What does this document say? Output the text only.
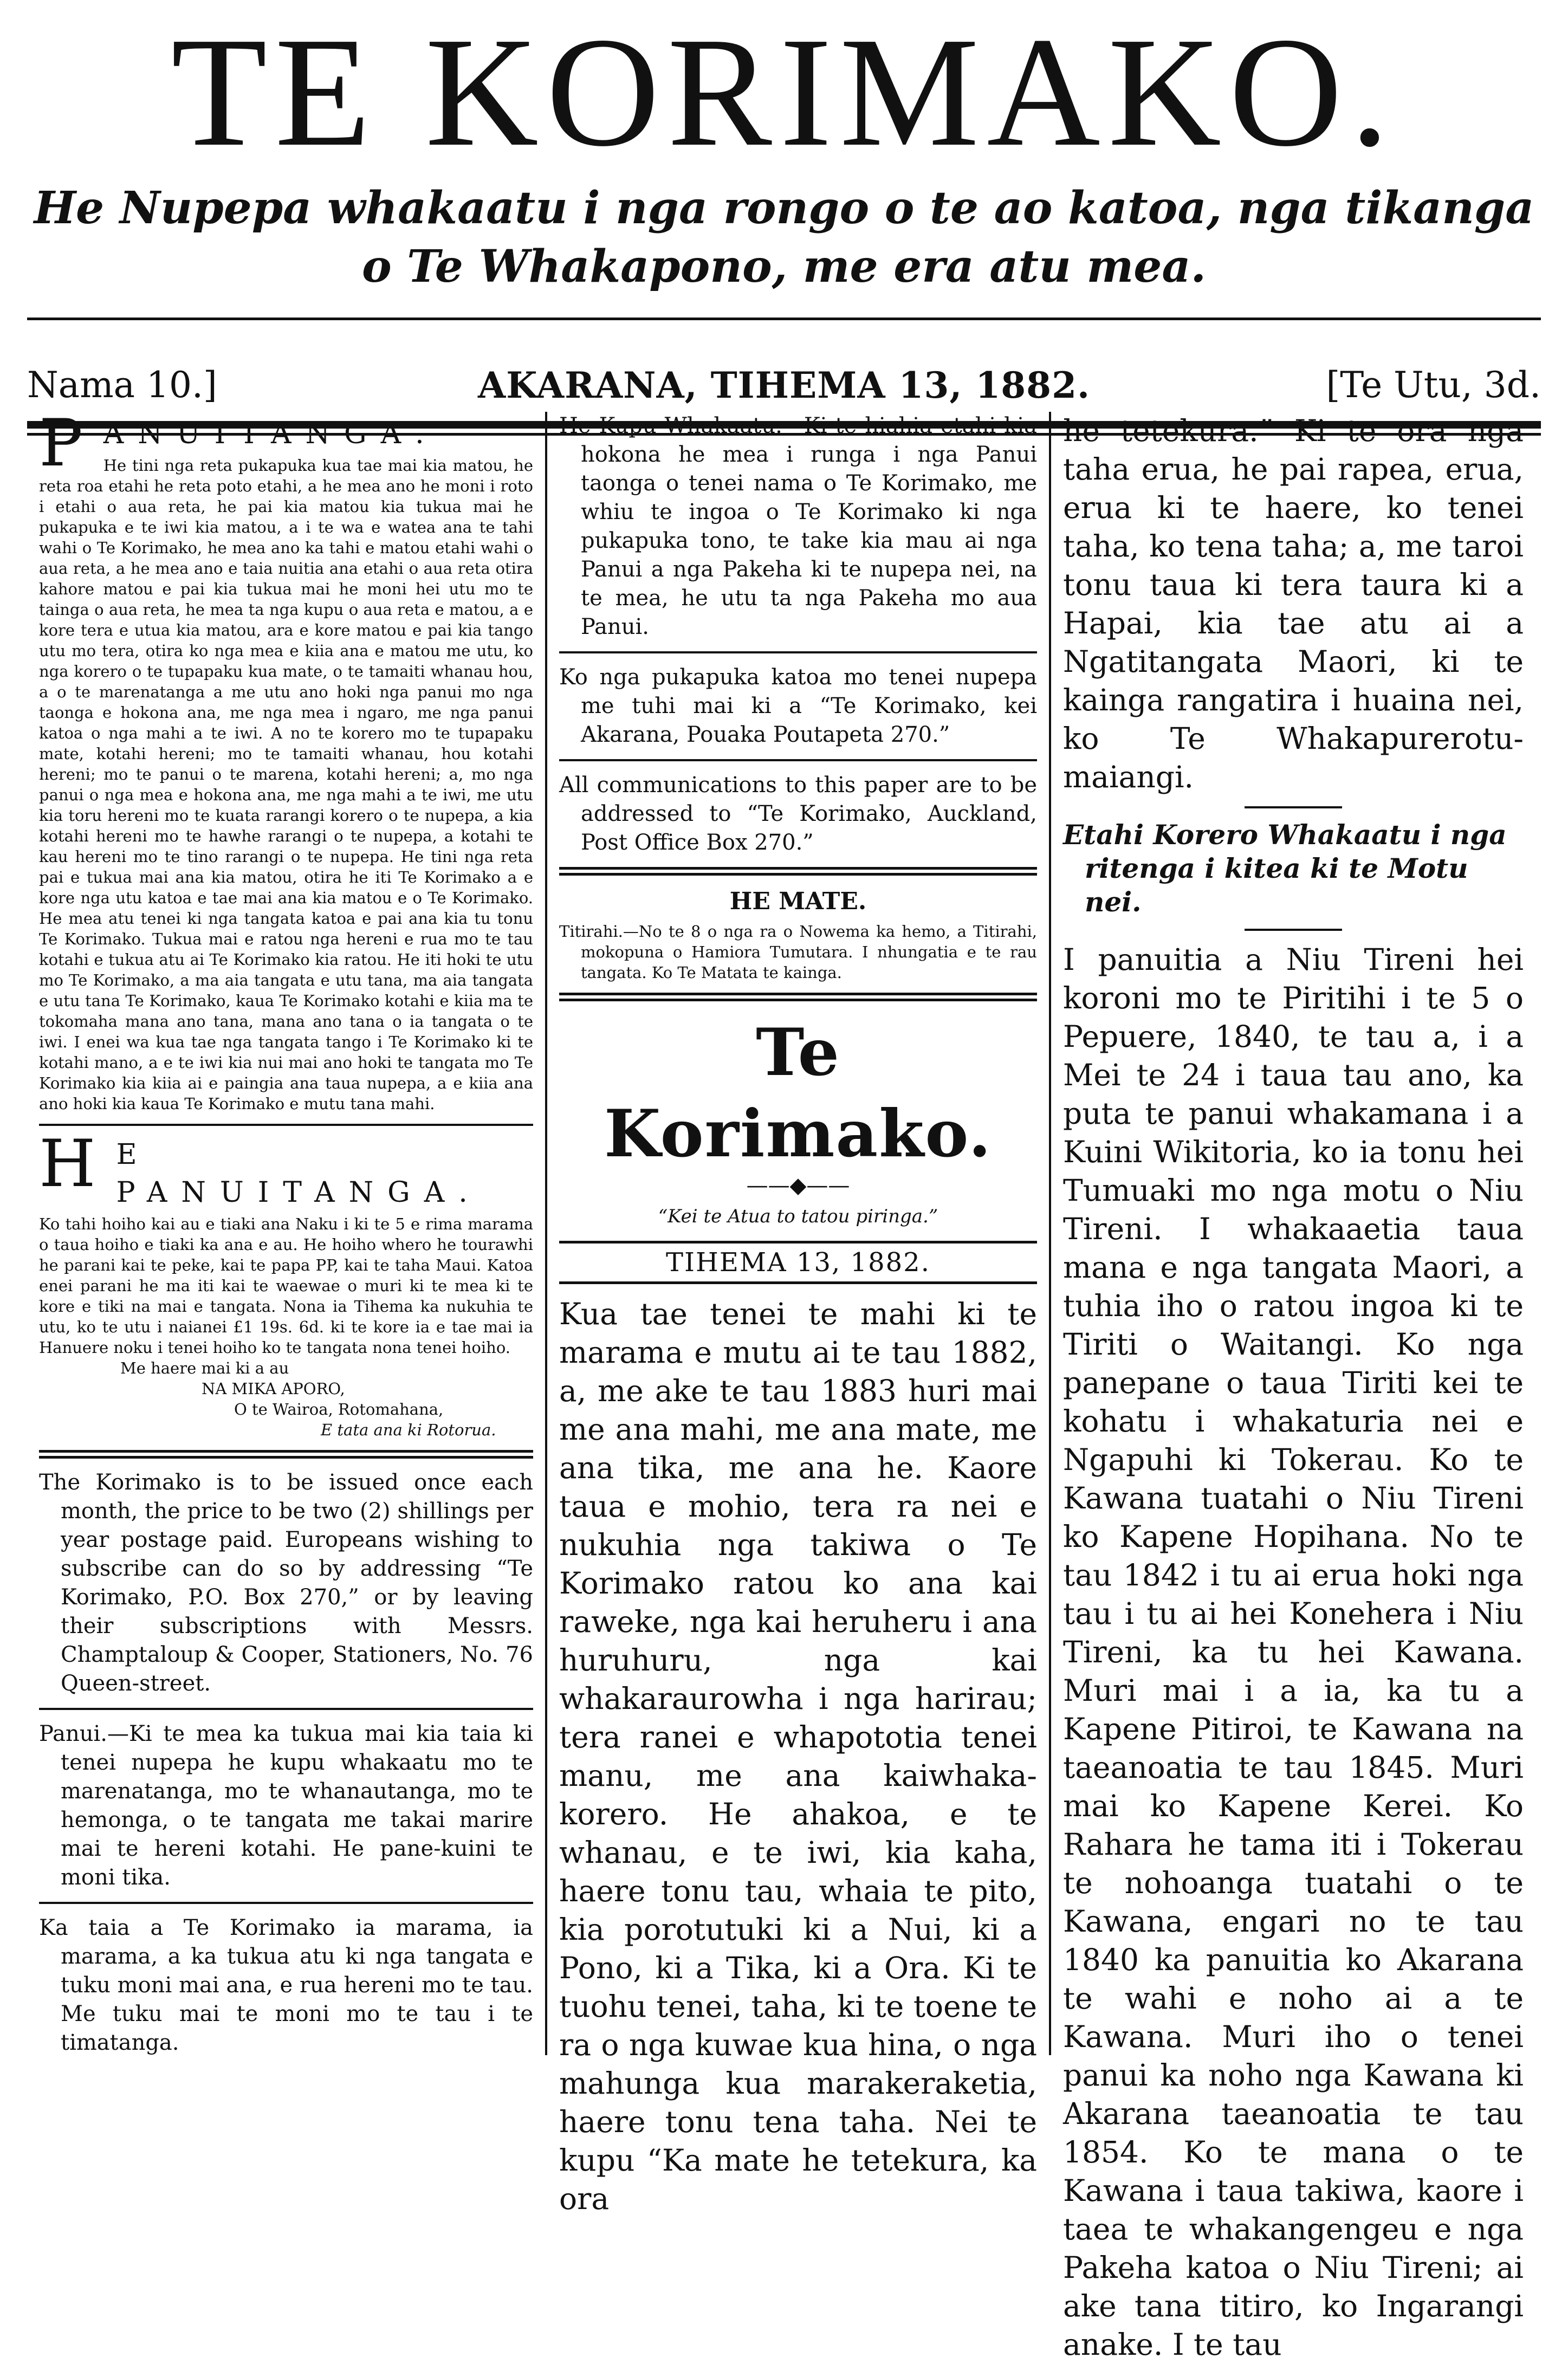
TE KORIMAKO.
He Nupepa whakaatu i nga rongo o te ao katoa, nga tikanga
o Te Whakapono, me era atu mea.
Nama 10.]	AKARANA, TIHEMA 13, 1882.	[Te Utu, 3d.
PANUITANGA.

He tini nga reta pukapuka kua tae mai kia matou, he reta roa etahi he reta poto etahi, a he mea ano he moni i roto i etahi o aua reta, he pai kia matou kia tukua mai he pukapuka e te iwi kia matou, a i te wa e watea ana te tahi wahi o Te Korimako, he mea ano ka tahi e matou etahi wahi o aua reta, a he mea ano e taia nuitia ana etahi o aua reta otira kahore matou e pai kia tukua mai he moni hei utu mo te tainga o aua reta, he mea ta nga kupu o aua reta e matou, a e kore tera e utua kia matou, ara e kore matou e pai kia tango utu mo tera, otira ko nga mea e kiia ana e matou me utu, ko nga korero o te tupapaku kua mate, o te tamaiti whanau hou, a o te marenatanga a me utu ano hoki nga panui mo nga taonga e hokona ana, me nga mea i ngaro, me nga panui katoa o nga mahi a te iwi. A no te korero mo te tupapaku mate, kotahi hereni; mo te tamaiti whanau, hou kotahi hereni; mo te panui o te marena, kotahi hereni; a, mo nga panui o nga mea e hokona ana, me nga mahi a te iwi, me utu kia toru hereni mo te kuata rarangi korero o te nupepa, a kia kotahi hereni mo te hawhe rarangi o te nupepa, a kotahi te kau hereni mo te tino rarangi o te nupepa. He tini nga reta pai e tukua mai ana kia matou, otira he iti Te Korimako a e kore nga utu katoa e tae mai ana kia matou e o Te Korimako. He mea atu tenei ki nga tangata katoa e pai ana kia tu tonu Te Korimako. Tukua mai e ratou nga hereni e rua mo te tau kotahi e tukua atu ai Te Korimako kia ratou. He iti hoki te utu mo Te Korimako, a ma aia tangata e utu tana, ma aia tangata e utu tana Te Korimako, kaua Te Korimako kotahi e kiia ma te tokomaha mana ano tana, mana ano tana o ia tangata o te iwi. I enei wa kua tae nga tangata tango i Te Korimako ki te kotahi mano, a e te iwi kia nui mai ano hoki te tangata mo Te Korimako kia kiia ai e paingia ana taua nupepa, a e kiia ana ano hoki kia kaua Te Korimako e mutu tana mahi.

H E PANUITANGA.

Ko tahi hoiho kai au e tiaki ana Naku i ki te 5 e rima marama o taua hoiho e tiaki ka ana e au. He hoiho whero he tourawhi he parani kai te peke, kai te papa PP, kai te taha Maui. Katoa enei parani he ma iti kai te waewae o muri ki te mea ki te kore e tiki na mai e tangata. Nona ia Tihema ka nukuhia te utu, ko te utu i naianei £1 19s. 6d. ki te kore ia e tae mai ia Hanuere noku i tenei hoiho ko te tangata nona tenei hoiho.

Me haere mai ki a au
NA MIKA APORO,
O te Wairoa, Rotomahana,
E tata ana ki Rotorua.

The Korimako is to be issued once each month, the price to be two (2) shillings per year postage paid. Europeans wishing to subscribe can do so by addressing “Te Korimako, P.O. Box 270,” or by leaving their subscriptions with Messrs. Champtaloup & Cooper, Stationers, No. 76 Queen-street.

Panui.—Ki te mea ka tukua mai kia taia ki tenei nupepa he kupu whakaatu mo te marenatanga, mo te whanautanga, mo te hemonga, o te tangata me takai marire mai te hereni kotahi. He pane-kuini te moni tika.

Ka taia a Te Korimako ia marama, ia marama, a ka tukua atu ki nga tangata e tuku moni mai ana, e rua hereni mo te tau. Me tuku mai te moni mo te tau i te timatanga.

He Kupu Whakaatu.—Ki te hiahia etahi kia hokona he mea i runga i nga Panui taonga o tenei nama o Te Korimako, me whiu te ingoa o Te Korimako ki nga pukapuka tono, te take kia mau ai nga Panui a nga Pakeha ki te nupepa nei, na te mea, he utu ta nga Pakeha mo aua Panui.

Ko nga pukapuka katoa mo tenei nupepa me tuhi mai ki a “Te Korimako, kei Akarana, Pouaka Poutapeta 270.”

All communications to this paper are to be addressed to “Te Korimako, Auckland, Post Office Box 270.”

HE MATE.

Titirahi.—No te 8 o nga ra o Nowema ka hemo, a Titirahi, mokopuna o Hamiora Tumutara. I nhungatia e te rau tangata. Ko Te Matata te kainga.

Te Korimako.
——◆——
“Kei te Atua to tatou piringa.”
TIHEMA 13, 1882.

Kua tae tenei te mahi ki te marama e mutu ai te tau 1882, a, me ake te tau 1883 huri mai me ana mahi, me ana mate, me ana tika, me ana he. Kaore taua e mohio, tera ra nei e nukuhia nga takiwa o Te Korimako ratou ko ana kai raweke, nga kai heruheru i ana huruhuru, nga kai whakaraurowha i nga harirau; tera ranei e whapototia tenei manu, me ana kaiwhaka-korero. He ahakoa, e te whanau, e te iwi, kia kaha, haere tonu tau, whaia te pito, kia porotutuki ki a Nui, ki a Pono, ki a Tika, ki a Ora. Ki te tuohu tenei, taha, ki te toene te ra o nga kuwae kua hina, o nga mahunga kua marakeraketia, haere tonu tena taha. Nei te kupu “Ka mate he tetekura, ka ora

he tetekura.” Ki te ora nga taha erua, he pai rapea, erua, erua ki te haere, ko tenei taha, ko tena taha; a, me taroi tonu taua ki tera taura ki a Hapai, kia tae atu ai a Ngatitangata Maori, ki te kainga rangatira i huaina nei, ko Te Whakapurerotu-maiangi.

Etahi Korero Whakaatu i nga ritenga i kitea ki te Motu nei.

I panuitia a Niu Tireni hei koroni mo te Piritihi i te 5 o Pepuere, 1840, te tau a, i a Mei te 24 i taua tau ano, ka puta te panui whakamana i a Kuini Wikitoria, ko ia tonu hei Tumuaki mo nga motu o Niu Tireni. I whakaaetia taua mana e nga tangata Maori, a tuhia iho o ratou ingoa ki te Tiriti o Waitangi. Ko nga panepane o taua Tiriti kei te kohatu i whakaturia nei e Ngapuhi ki Tokerau. Ko te Kawana tuatahi o Niu Tireni ko Kapene Hopihana. No te tau 1842 i tu ai erua hoki nga tau i tu ai hei Konehera i Niu Tireni, ka tu hei Kawana. Muri mai i a ia, ka tu a Kapene Pitiroi, te Kawana na taeanoatia te tau 1845. Muri mai ko Kapene Kerei. Ko Rahara he tama iti i Tokerau te nohoanga tuatahi o te Kawana, engari no te tau 1840 ka panuitia ko Akarana te wahi e noho ai a te Kawana. Muri iho o tenei panui ka noho nga Kawana ki Akarana taeanoatia te tau 1854. Ko te mana o te Kawana i taua takiwa, kaore i taea te whakangengeu e nga Pakeha katoa o Niu Tireni; ai ake tana titiro, ko Ingarangi anake. I te tau
